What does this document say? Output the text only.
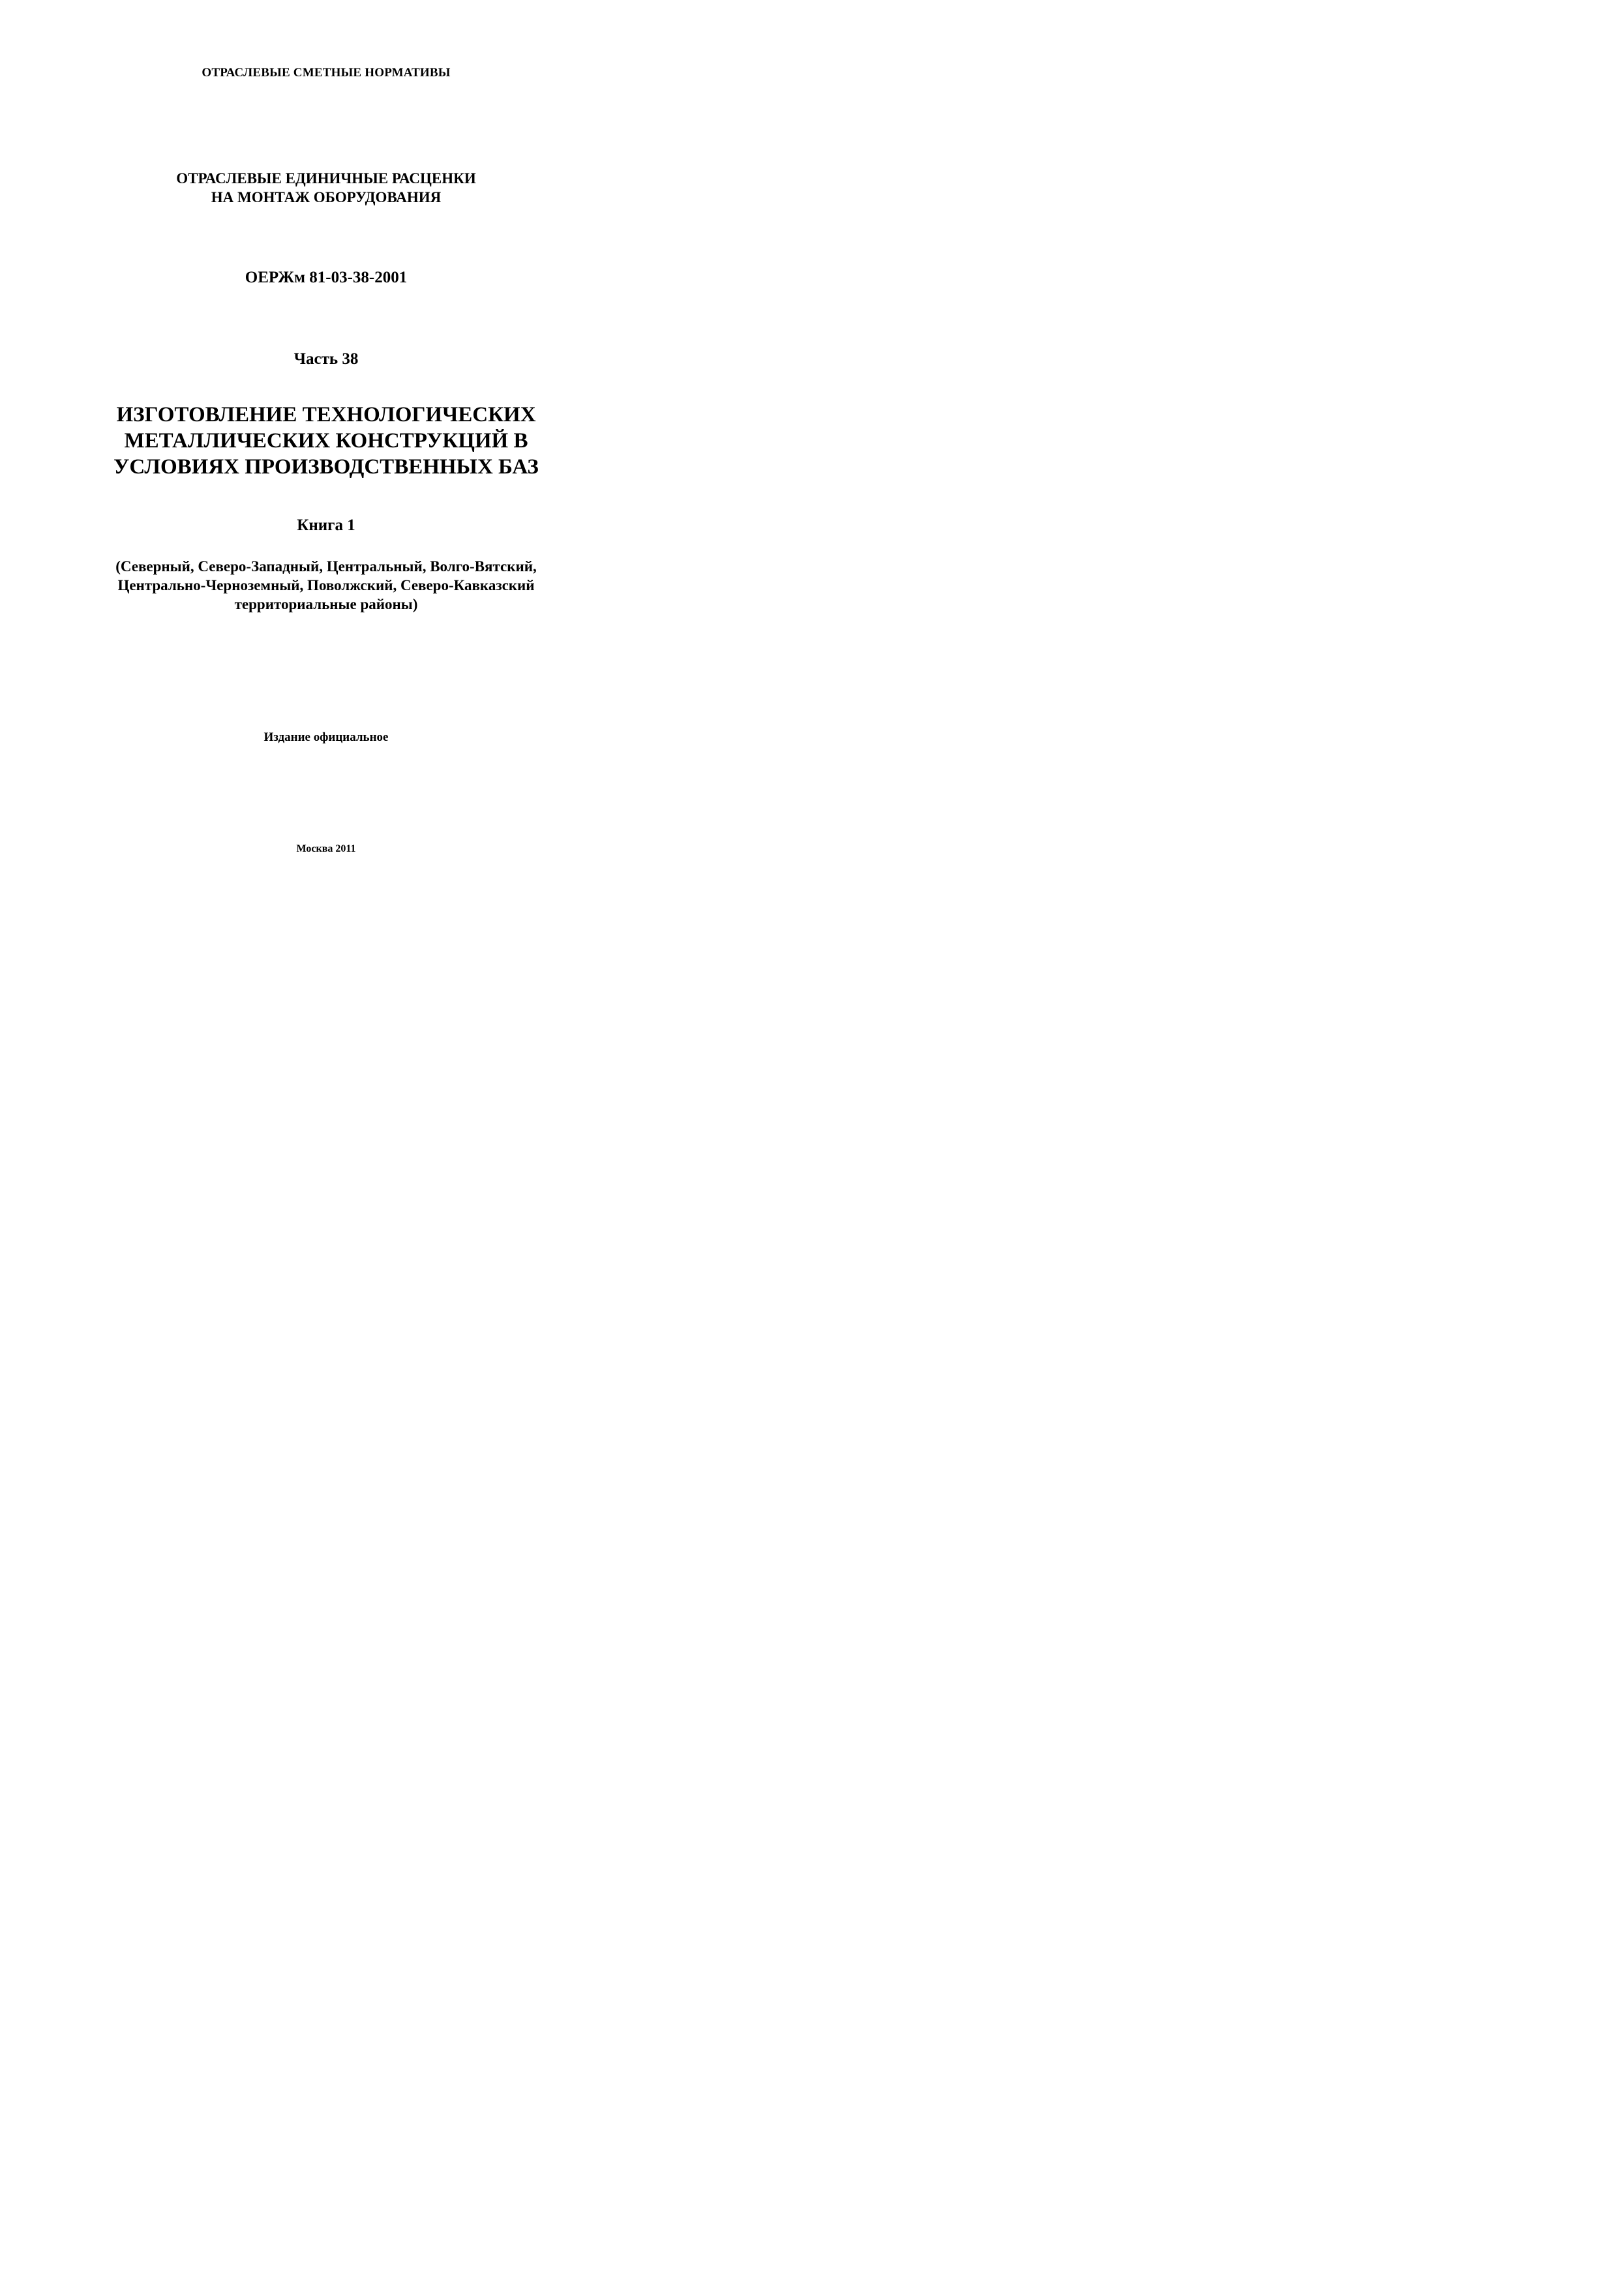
ОТРАСЛЕВЫЕ СМЕТНЫЕ НОРМАТИВЫ
ОТРАСЛЕВЫЕ ЕДИНИЧНЫЕ РАСЦЕНКИ
НА МОНТАЖ ОБОРУДОВАНИЯ
ОЕРЖм 81-03-38-2001
Часть 38
ИЗГОТОВЛЕНИЕ ТЕХНОЛОГИЧЕСКИХ
МЕТАЛЛИЧЕСКИХ КОНСТРУКЦИЙ В
УСЛОВИЯХ ПРОИЗВОДСТВЕННЫХ БАЗ
Книга 1
(Северный, Северо-Западный, Центральный, Волго-Вятский,
Центрально-Черноземный, Поволжский, Северо-Кавказский
территориальные районы)
Издание официальное
Москва 2011
